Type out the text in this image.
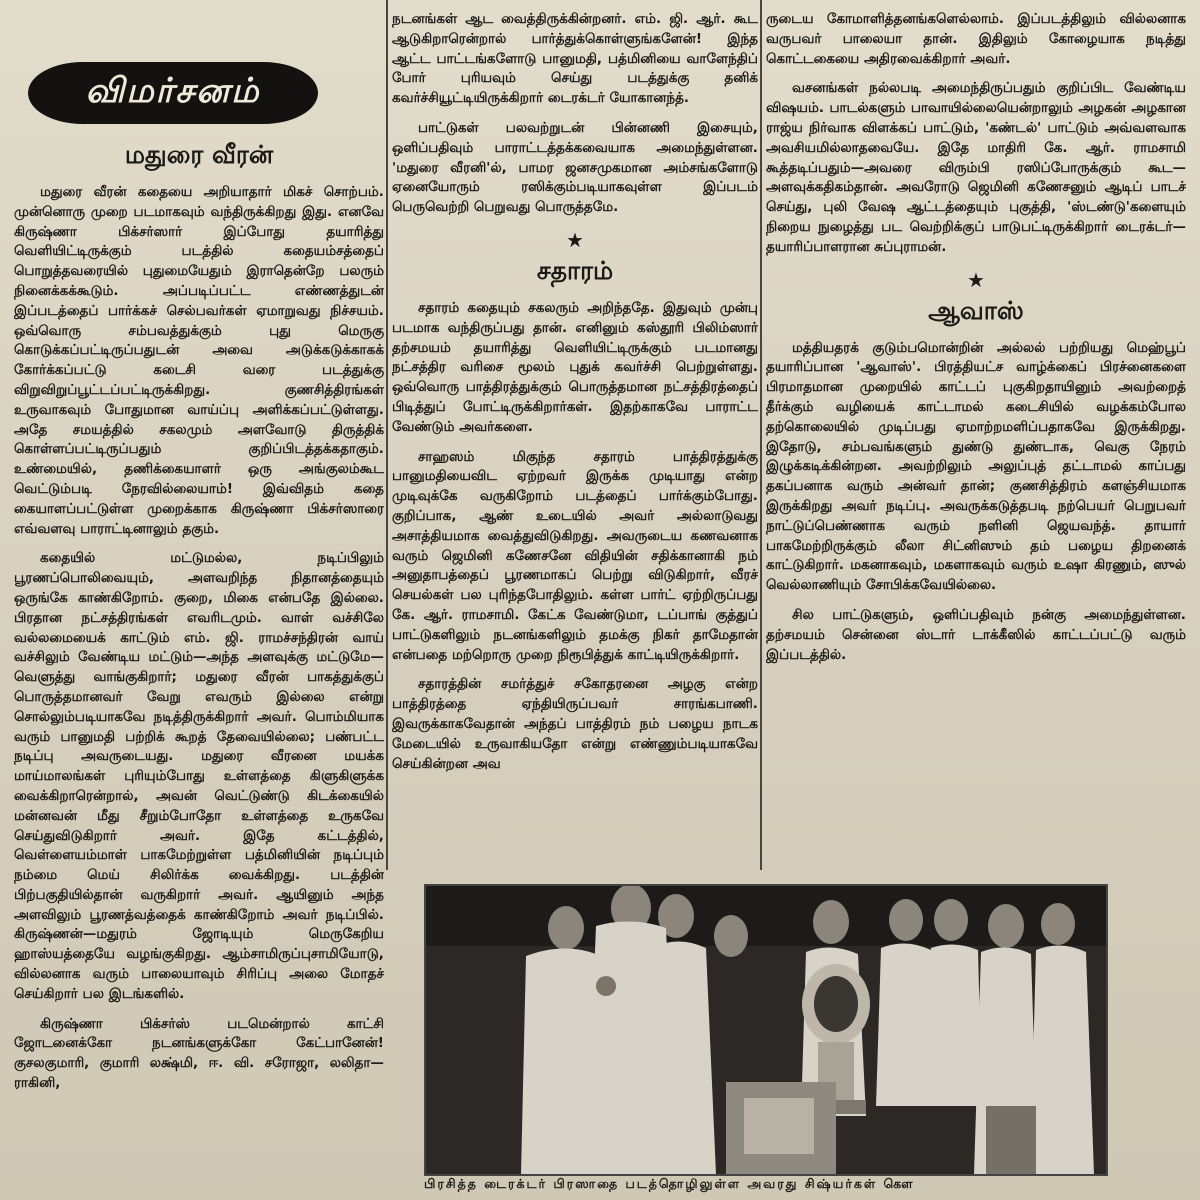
மதுரை வீரன்

மதுரை வீரன் கதையை அறியாதார் மிகச் சொற்பம். முன்னொரு முறை படமாகவும் வந்திருக்கிறது இது. எனவே கிருஷ்ணா பிக்சர்ஸார் இப்போது தயாரித்து வெளியிட்டிருக்கும் படத்தில் கதையம்சத்தைப் பொறுத்தவரையில் புதுமையேதும் இராதென்றே பலரும் நினைக்கக்கூடும். அப்படிப்பட்ட எண்ணத்துடன் இப்படத்தைப் பார்க்கச் செல்பவர்கள் ஏமாறுவது நிச்சயம். ஒவ்வொரு சம்பவத்துக்கும் புது மெருகு கொடுக்கப்பட்டிருப்பதுடன் அவை அடுக்கடுக்காகக் கோர்க்கப்பட்டு கடைசி வரை படத்துக்கு விறுவிறுப்பூட்டப்பட்டிருக்கிறது. குணசித்திரங்கள் உருவாகவும் போதுமான வாய்ப்பு அளிக்கப்பட்டுள்ளது. அதே சமயத்தில் சகலமும் அளவோடு திருத்திக் கொள்ளப்பட்டிருப்பதும் குறிப்பிடத்தக்கதாகும். உண்மையில், தணிக்கையாளர் ஒரு அங்குலம்கூட வெட்டும்படி நேரவில்லையாம்! இவ்விதம் கதை கையாளப்பட்டுள்ள முறைக்காக கிருஷ்ணா பிக்சர்ஸாரை எவ்வளவு பாராட்டினாலும் தகும்.

கதையில் மட்டுமல்ல, நடிப்பிலும் பூரணப்பொலிவையும், அளவறிந்த நிதானத்தையும் ஒருங்கே காண்கிறோம். குறை, மிகை என்பதே இல்லை. பிரதான நட்சத்திரங்கள் எவரிடமும். வாள் வச்சிலே வல்லமையைக் காட்டும் எம். ஜி. ராமச்சந்திரன் வாய் வச்சிலும் வேண்டிய மட்டும்—அந்த அளவுக்கு மட்டுமே—வெளுத்து வாங்குகிறார்; மதுரை வீரன் பாகத்துக்குப் பொருத்தமானவர் வேறு எவரும் இல்லை என்று சொல்லும்படியாகவே நடித்திருக்கிறார் அவர். பொம்மியாக வரும் பானுமதி பற்றிக் கூறத் தேவையில்லை; பண்பட்ட நடிப்பு அவருடையது. மதுரை வீரனை மயக்க மாய்மாலங்கள் புரியும்போது உள்ளத்தை கிளுகிளுக்க வைக்கிறாரென்றால், அவன் வெட்டுண்டு கிடக்கையில் மன்னவன் மீது சீறும்போதோ உள்ளத்தை உருகவே செய்துவிடுகிறார் அவர். இதே கட்டத்தில், வெள்ளையம்மாள் பாகமேற்றுள்ள பத்மினியின் நடிப்பும் நம்மை மெய் சிலிர்க்க வைக்கிறது. படத்தின் பிற்பகுதியில்தான் வருகிறார் அவர். ஆயினும் அந்த அளவிலும் பூரணத்வத்தைக் காண்கிறோம் அவர் நடிப்பில். கிருஷ்ணன்—மதுரம் ஜோடியும் மெருகேறிய ஹாஸ்யத்தையே வழங்குகிறது. ஆம்சாமிருப்புசாமியோடு, வில்லனாக வரும் பாலையாவும் சிரிப்பு அலை மோதச் செய்கிறார் பல இடங்களில்.

கிருஷ்ணா பிக்சர்ஸ் படமென்றால் காட்சி ஜோடனைக்கோ நடனங்களுக்கோ கேட்பானேன்! குசலகுமாரி, குமாரி லக்ஷ்மி, ஈ. வி. சரோஜா, லலிதா—ராகினி,

விமர்சனம்

நடனங்கள் ஆட வைத்திருக்கின்றனர். எம். ஜி. ஆர். கூட ஆடுகிறாரென்றால் பார்த்துக்கொள்ளுங்களேன்! இந்த ஆட்ட பாட்டங்களோடு பானுமதி, பத்மினியை வாளேந்திப் போர் புரியவும் செய்து படத்துக்கு தனிக் கவர்ச்சியூட்டியிருக்கிறார் டைரக்டர் யோகானந்த்.

பாட்டுகள் பலவற்றுடன் பின்னணி இசையும், ஒளிப்பதிவும் பாராட்டத்தக்கவையாக அமைந்துள்ளன. 'மதுரை வீரனி'ல், பாமர ஜனசமுகமான அம்சங்களோடு ஏனையோரும் ரஸிக்கும்படியாகவுள்ள இப்படம் பெருவெற்றி பெறுவது பொருத்தமே.

★
சதாரம்

சதாரம் கதையும் சகலரும் அறிந்ததே. இதுவும் முன்பு படமாக வந்திருப்பது தான். எனினும் கஸ்தூரி பிலிம்ஸார் தற்சமயம் தயாரித்து வெளியிட்டிருக்கும் படமானது நட்சத்திர வரிசை மூலம் புதுக் கவர்ச்சி பெற்றுள்ளது. ஒவ்வொரு பாத்திரத்துக்கும் பொருத்தமான நட்சத்திரத்தைப் பிடித்துப் போட்டிருக்கிறார்கள். இதற்காகவே பாராட்ட வேண்டும் அவர்களை.

சாஹஸம் மிகுந்த சதாரம் பாத்திரத்துக்கு பானுமதியைவிட ஏற்றவர் இருக்க முடியாது என்ற முடிவுக்கே வருகிறோம் படத்தைப் பார்க்கும்போது. குறிப்பாக, ஆண் உடையில் அவர் அல்லாடுவது அசாத்தியமாக வைத்துவிடுகிறது. அவருடைய கணவனாக வரும் ஜெமினி கணேசனே விதியின் சதிக்கானாகி நம் அனுதாபத்தைப் பூரணமாகப் பெற்று விடுகிறார், வீரச் செயல்கள் பல புரிந்தபோதிலும். கள்ள பார்ட் ஏற்றிருப்பது கே. ஆர். ராமசாமி. கேட்க வேண்டுமா, டப்பாங் குத்துப் பாட்டுகளிலும் நடனங்களிலும் தமக்கு நிகர் தாமேதான் என்பதை மற்றொரு முறை நிரூபித்துக் காட்டியிருக்கிறார்.

சதாரத்தின் சமர்த்துச் சகோதரனை அழகு என்ற பாத்திரத்தை ஏந்தியிருப்பவர் சாரங்கபாணி. இவருக்காகவேதான் அந்தப் பாத்திரம் நம் பழைய நாடக மேடையில் உருவாகியதோ என்று எண்ணும்படியாகவே செய்கின்றன அவ

ருடைய கோமாளித்தனங்களெல்லாம். இப்படத்திலும் வில்லனாக வருபவர் பாலையா தான். இதிலும் கோழையாக நடித்து கொட்டகையை அதிரவைக்கிறார் அவர்.

வசனங்கள் நல்லபடி அமைந்திருப்பதும் குறிப்பிட வேண்டிய விஷயம். பாடல்களும் பாவாயில்லையென்றாலும் அழகன் அழகான ராஜ்ய நிர்வாக விளக்கப் பாட்டும், 'கண்டல்' பாட்டும் அவ்வளவாக அவசியமில்லாதவையே. இதே மாதிரி கே. ஆர். ராமசாமி கூத்தடிப்பதும்—அவரை விரும்பி ரஸிப்போருக்கும் கூட—அளவுக்கதிகம்தான். அவரோடு ஜெமினி கணேசனும் ஆடிப் பாடச் செய்து, புலி வேஷ ஆட்டத்தையும் புகுத்தி, 'ஸ்டண்டு'களையும் நிறைய நுழைத்து பட வெற்றிக்குப் பாடுபட்டிருக்கிறார் டைரக்டர்—தயாரிப்பாளரான சுப்புராமன்.

★
ஆவாஸ்

மத்தியதரக் குடும்பமொன்றின் அல்லல் பற்றியது மெஹ்பூப் தயாரிப்பான 'ஆவாஸ்'. பிரத்தியட்ச வாழ்க்கைப் பிரச்னைகளை பிரமாதமான முறையில் காட்டப் புகுகிறதாயினும் அவற்றைத் தீர்க்கும் வழியைக் காட்டாமல் கடைசியில் வழக்கம்போல தற்கொலையில் முடிப்பது ஏமாற்றமளிப்பதாகவே இருக்கிறது. இதோடு, சம்பவங்களும் துண்டு துண்டாக, வெகு நேரம் இழுக்கடிக்கின்றன. அவற்றிலும் அலுப்புத் தட்டாமல் காப்பது தகப்பனாக வரும் அன்வர் தான்; குணசித்திரம் களஞ்சியமாக இருக்கிறது அவர் நடிப்பு. அவருக்கடுத்தபடி நற்பெயர் பெறுபவர் நாட்டுப்பெண்ணாக வரும் நளினி ஜெயவந்த். தாயார் பாகமேற்றிருக்கும் லீலா சிட்னிஸும் தம் பழைய திறனைக் காட்டுகிறார். மகனாகவும், மகளாகவும் வரும் உஷா கிரணும், ஸுல் வெல்லாணியும் சோபிக்கவேயில்லை.

சில பாட்டுகளும், ஒளிப்பதிவும் நன்கு அமைந்துள்ளன. தற்சமயம் சென்னை ஸ்டார் டாக்கீஸில் காட்டப்பட்டு வரும் இப்படத்தில்.

பிரசித்த டைரக்டர் பிரஸாதை படத்தொழிலுள்ள அவரது சிஷ்யர்கள் கௌ
